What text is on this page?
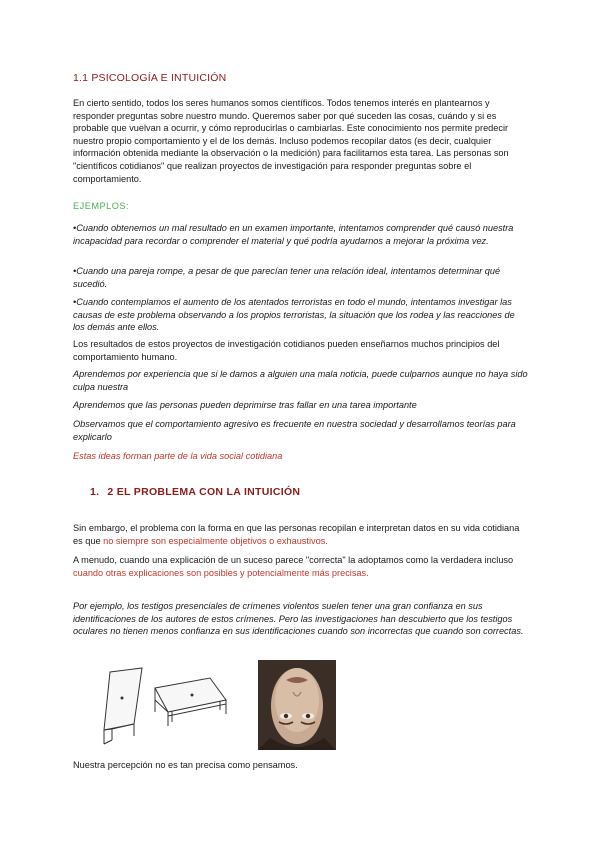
1.1 PSICOLOGÍA E INTUICIÓN

En cierto sentido, todos los seres humanos somos científicos. Todos tenemos interés en plantearnos y responder preguntas sobre nuestro mundo. Queremos saber por qué suceden las cosas, cuándo y si es probable que vuelvan a ocurrir, y cómo reproducirlas o cambiarlas. Este conocimiento nos permite predecir nuestro propio comportamiento y el de los demás. Incluso podemos recopilar datos (es decir, cualquier información obtenida mediante la observación o la medición) para facilitarnos esta tarea. Las personas son "científicos cotidianos" que realizan proyectos de investigación para responder preguntas sobre el comportamiento.

EJEMPLOS:

•Cuando obtenemos un mal resultado en un examen importante, intentamos comprender qué causó nuestra incapacidad para recordar o comprender el material y qué podría ayudarnos a mejorar la próxima vez.

•Cuando una pareja rompe, a pesar de que parecían tener una relación ideal, intentamos determinar qué sucedió.

•Cuando contemplamos el aumento de los atentados terroristas en todo el mundo, intentamos investigar las causas de este problema observando a los propios terroristas, la situación que los rodea y las reacciones de los demás ante ellos.

Los resultados de estos proyectos de investigación cotidianos pueden enseñarnos muchos principios del comportamiento humano.

Aprendemos por experiencia que si le damos a alguien una mala noticia, puede culparnos aunque no haya sido culpa nuestra

Aprendemos que las personas pueden deprimirse tras fallar en una tarea importante

Observamos que el comportamiento agresivo es frecuente en nuestra sociedad y desarrollamos teorías para explicarlo

Estas ideas forman parte de la vida social cotidiana

1. 2 EL PROBLEMA CON LA INTUICIÓN

Sin embargo, el problema con la forma en que las personas recopilan e interpretan datos en su vida cotidiana es que no siempre son especialmente objetivos o exhaustivos.

A menudo, cuando una explicación de un suceso parece "correcta" la adoptamos como la verdadera incluso cuando otras explicaciones son posibles y potencialmente más precisas.

Por ejemplo, los testigos presenciales de crímenes violentos suelen tener una gran confianza en sus identificaciones de los autores de estos crímenes. Pero las investigaciones han descubierto que los testigos oculares no tienen menos confianza en sus identificaciones cuando son incorrectas que cuando son correctas.

Nuestra percepción no es tan precisa como pensamos.
